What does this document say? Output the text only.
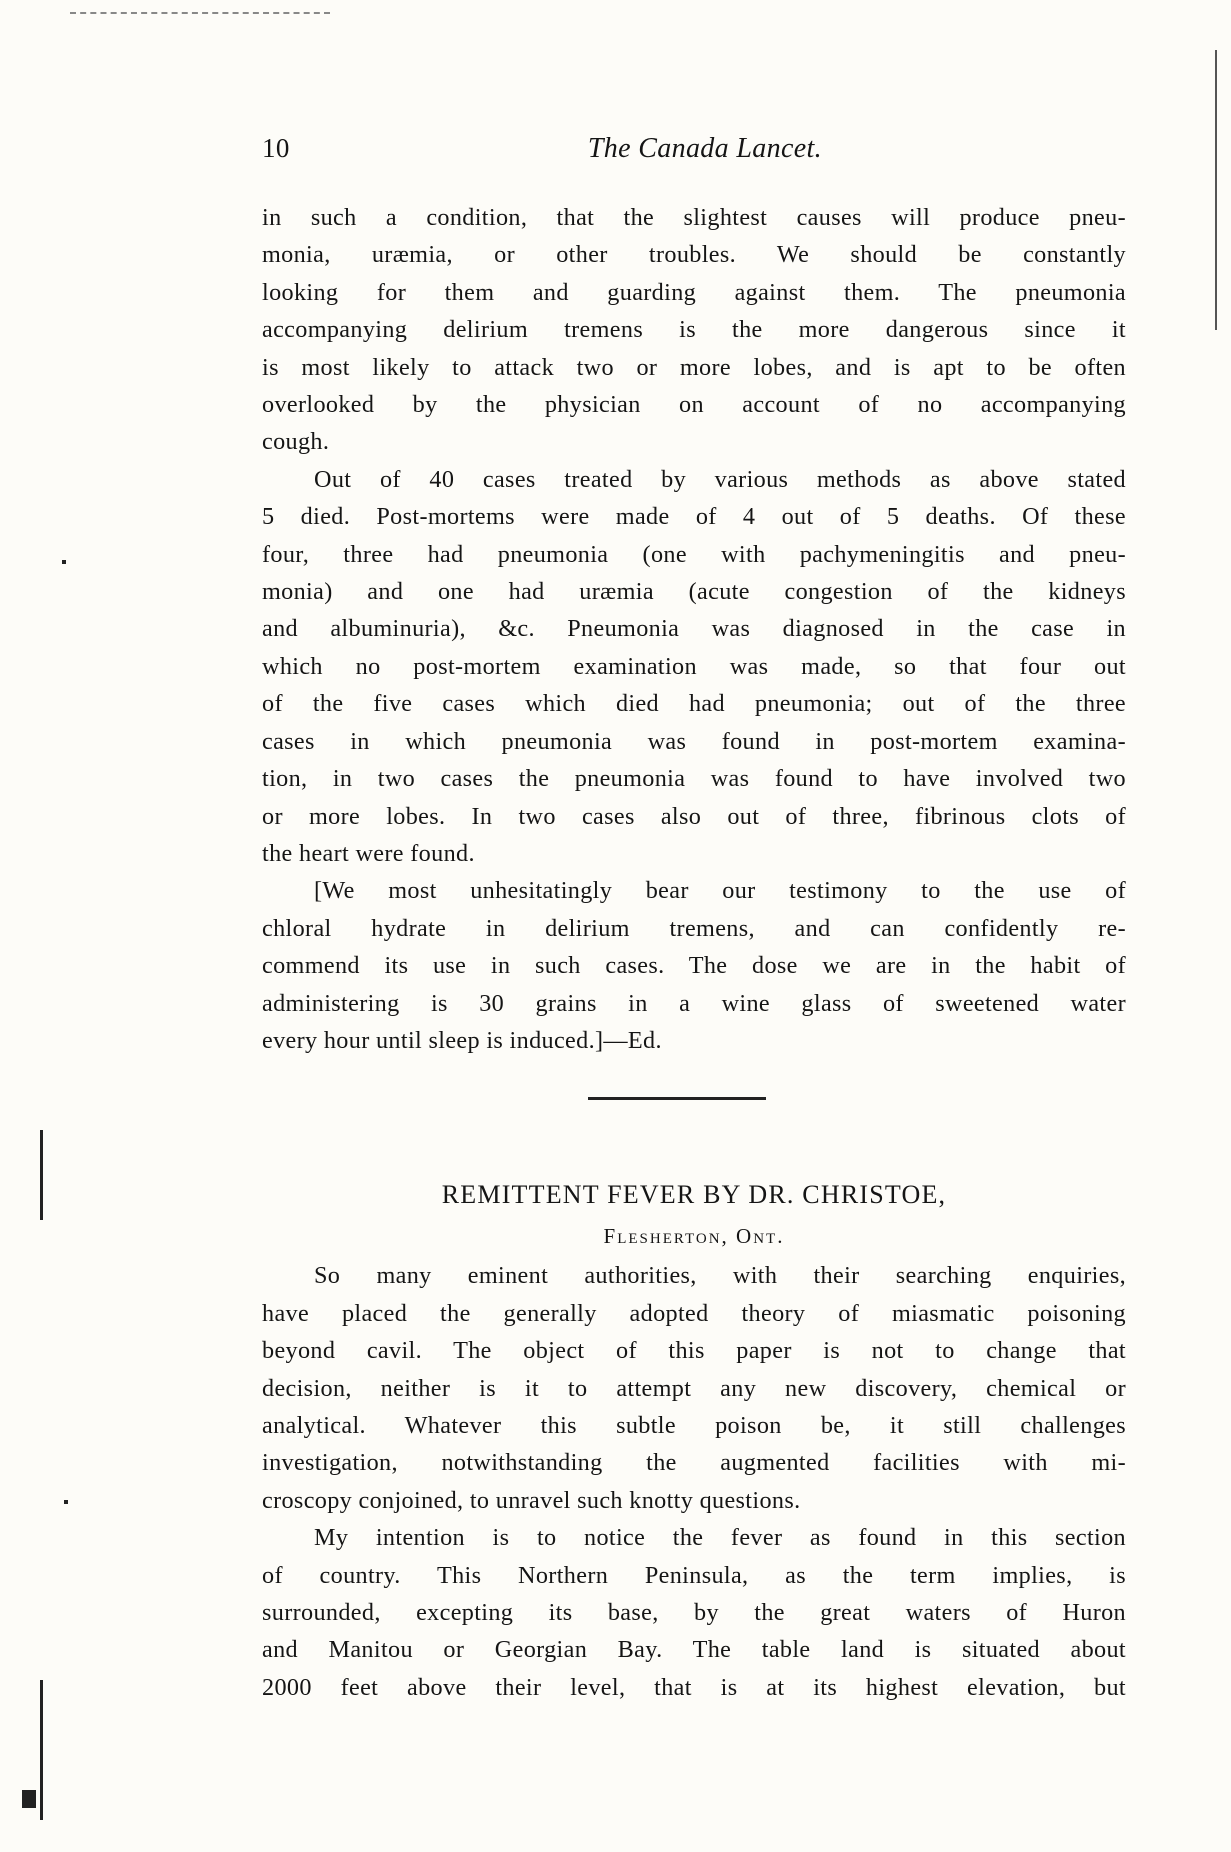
10	The Canada Lancet.

in such a condition, that the slightest causes will produce pneu-
monia, uræmia, or other troubles. We should be constantly
looking for them and guarding against them. The pneumonia
accompanying delirium tremens is the more dangerous since it
is most likely to attack two or more lobes, and is apt to be often
overlooked by the physician on account of no accompanying
cough.

Out of 40 cases treated by various methods as above stated
5 died. Post-mortems were made of 4 out of 5 deaths. Of these
four, three had pneumonia (one with pachymeningitis and pneu-
monia) and one had uræmia (acute congestion of the kidneys
and albuminuria), &c. Pneumonia was diagnosed in the case in
which no post-mortem examination was made, so that four out
of the five cases which died had pneumonia; out of the three
cases in which pneumonia was found in post-mortem examina-
tion, in two cases the pneumonia was found to have involved two
or more lobes. In two cases also out of three, fibrinous clots of
the heart were found.

[We most unhesitatingly bear our testimony to the use of
chloral hydrate in delirium tremens, and can confidently re-
commend its use in such cases. The dose we are in the habit of
administering is 30 grains in a wine glass of sweetened water
every hour until sleep is induced.]—Ed.

REMITTENT FEVER BY DR. CHRISTOE,
Flesherton, Ont.

So many eminent authorities, with their searching enquiries,
have placed the generally adopted theory of miasmatic poisoning
beyond cavil. The object of this paper is not to change that
decision, neither is it to attempt any new discovery, chemical or
analytical. Whatever this subtle poison be, it still challenges
investigation, notwithstanding the augmented facilities with mi-
croscopy conjoined, to unravel such knotty questions.

My intention is to notice the fever as found in this section
of country. This Northern Peninsula, as the term implies, is
surrounded, excepting its base, by the great waters of Huron
and Manitou or Georgian Bay. The table land is situated about
2000 feet above their level, that is at its highest elevation, but
